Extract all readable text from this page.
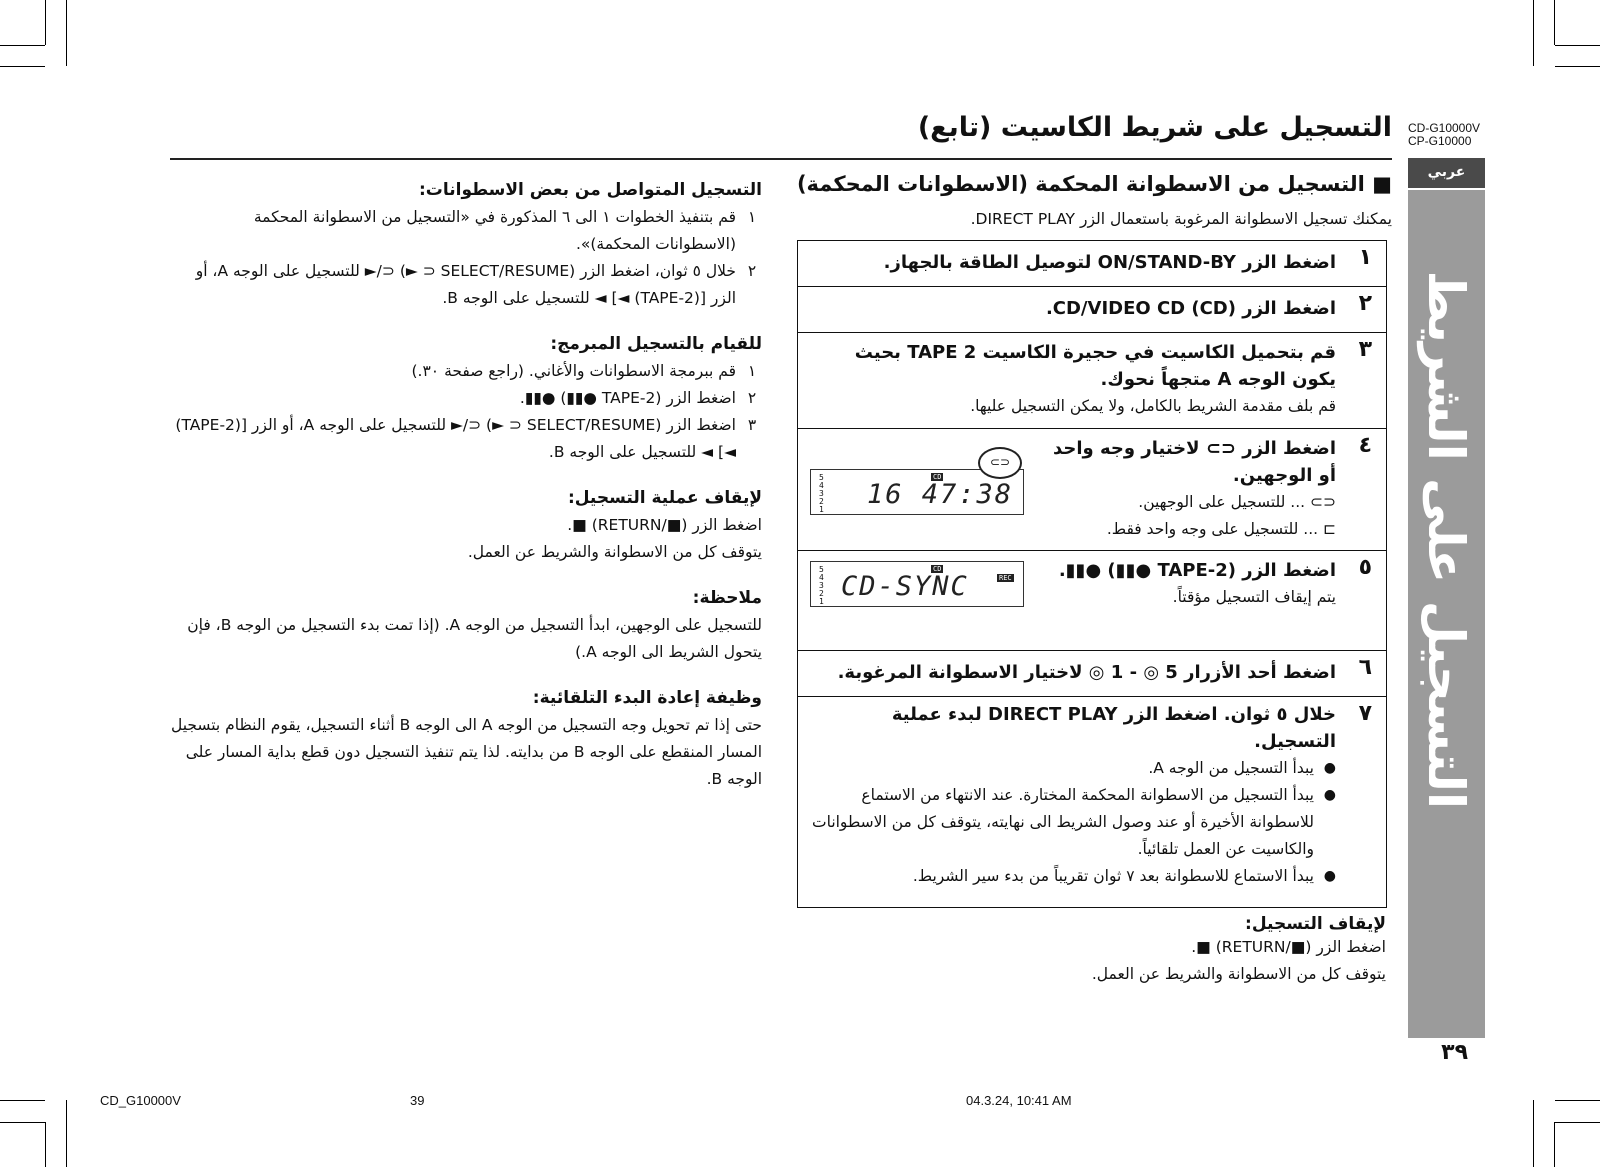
CD-G10000V
CP-G10000
التسجيل على شريط الكاسيت (تابع)
عربي
التسجيل على الشريط
٣٩
■ التسجيل من الاسطوانة المحكمة (الاسطوانات المحكمة)
يمكنك تسجيل الاسطوانة المرغوبة باستعمال الزر DIRECT PLAY.
١
اضغط الزر ON/STAND-BY لتوصيل الطاقة بالجهاز.
٢
اضغط الزر CD/VIDEO CD (CD).
٣
قم بتحميل الكاسيت في حجيرة الكاسيت TAPE 2 بحيث يكون الوجه A متجهاً نحوك.
قم بلف مقدمة الشريط بالكامل، ولا يمكن التسجيل عليها.
٤
اضغط الزر ⊂⊃ لاختيار وجه واحد أو الوجهين.
⊂⊃ ... للتسجيل على الوجهين.
⊐ ... للتسجيل على وجه واحد فقط.
5
4
3
2
1
CD
16 47:38
⊂⊃
٥
اضغط الزر (TAPE-2 ●▮▮) ●▮▮.
يتم إيقاف التسجيل مؤقتاً.
5
4
3
2
1
CD
REC
CD-SYNC
٦
اضغط أحد الأزرار 5 ◎ - 1 ◎ لاختيار الاسطوانة المرغوبة.
٧
خلال ٥ ثوان. اضغط الزر DIRECT PLAY لبدء عملية التسجيل.
● يبدأ التسجيل من الوجه A.
● يبدأ التسجيل من الاسطوانة المحكمة المختارة. عند الانتهاء من الاستماع للاسطوانة الأخيرة أو عند وصول الشريط الى نهايته، يتوقف كل من الاسطوانات والكاسيت عن العمل تلقائياً.
● يبدأ الاستماع للاسطوانة بعد ٧ ثوان تقريباً من بدء سير الشريط.
لإيقاف التسجيل:
اضغط الزر (■/RETURN) ■.
يتوقف كل من الاسطوانة والشريط عن العمل.
التسجيل المتواصل من بعض الاسطوانات:
١
قم بتنفيذ الخطوات ١ الى ٦ المذكورة في «التسجيل من الاسطوانة المحكمة (الاسطوانات المحكمة)».
٢
خلال ٥ ثوان، اضغط الزر (SELECT/RESUME ⊂ ►) ⊂/► للتسجيل على الوجه A، أو الزر [(TAPE-2) ◄] ◄ للتسجيل على الوجه B.
للقيام بالتسجيل المبرمج:
١
قم ببرمجة الاسطوانات والأغاني. (راجع صفحة ٣٠.)
٢
اضغط الزر (TAPE-2 ●▮▮) ●▮▮.
٣
اضغط الزر (SELECT/RESUME ⊂ ►) ⊂/► للتسجيل على الوجه A، أو الزر [(TAPE-2) ◄] ◄ للتسجيل على الوجه B.
لإيقاف عملية التسجيل:
اضغط الزر (■/RETURN) ■.
يتوقف كل من الاسطوانة والشريط عن العمل.
ملاحظة:
للتسجيل على الوجهين، ابدأ التسجيل من الوجه A. (إذا تمت بدء التسجيل من الوجه B، فإن يتحول الشريط الى الوجه A.)
وظيفة إعادة البدء التلقائية:
حتى إذا تم تحويل وجه التسجيل من الوجه A الى الوجه B أثناء التسجيل، يقوم النظام بتسجيل المسار المنقطع على الوجه B من بدايته. لذا يتم تنفيذ التسجيل دون قطع بداية المسار على الوجه B.
CD_G10000V	39	04.3.24, 10:41 AM
